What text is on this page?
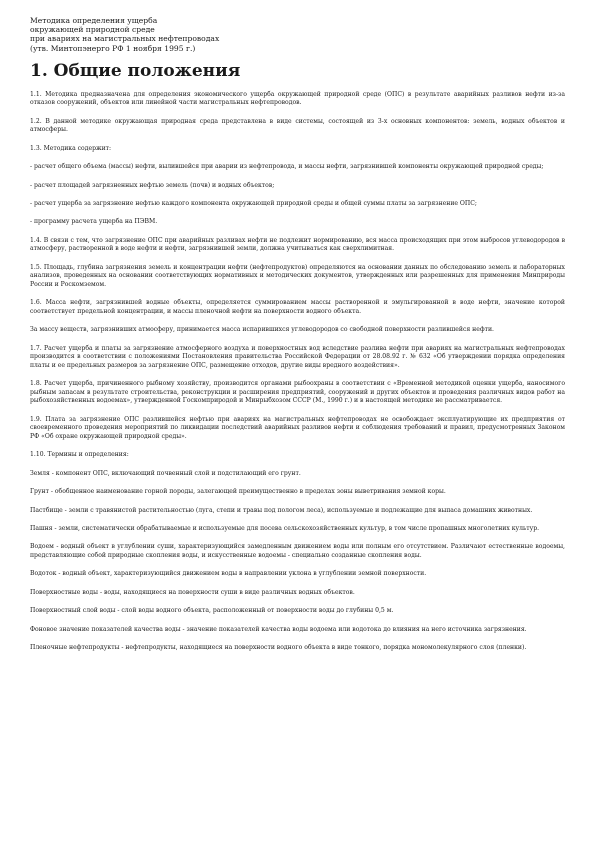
Методика определения ущерба
окружающей природной среде
при авариях на магистральных нефтепроводах
(утв. Минтопэнерго РФ 1 ноября 1995 г.)
1. Общие положения

1.1. Методика предназначена для определения экономического ущерба окружающей природной среде (ОПС) в результате аварийных разливов нефти из-за отказов сооружений, объектов или линейной части магистральных нефтепроводов.

1.2. В данной методике окружающая природная среда представлена в виде системы, состоящей из 3-х основных компонентов: земель, водных объектов и атмосферы.

1.3. Методика содержит:

- расчет общего объема (массы) нефти, вылившейся при аварии из нефтепровода, и массы нефти, загрязнившей компоненты окружающей природной среды;

- расчет площадей загрязненных нефтью земель (почв) и водных объектов;

- расчет ущерба за загрязнение нефтью каждого компонента окружающей природной среды и общей суммы платы за загрязнение ОПС;

- программу расчета ущерба на ПЭВМ.

1.4. В связи с тем, что загрязнение ОПС при аварийных разливах нефти не подлежит нормированию, вся масса происходящих при этом выбросов углеводородов в атмосферу, растворенной в воде нефти и нефти, загрязнившей земли, должна учитываться как сверхлимитная.

1.5. Площадь, глубина загрязнения земель и концентрации нефти (нефтепродуктов) определяются на основании данных по обследованию земель и лабораторных анализов, проведенных на основании соответствующих нормативных и методических документов, утвержденных или разрешенных для применения Минприроды России и Роскомземом.

1.6. Масса нефти, загрязнившей водные объекты, определяется суммированием массы растворенной и эмульгированной в воде нефти, значение которой соответствует предельной концентрации, и массы пленочной нефти на поверхности водного объекта.

За массу веществ, загрязнивших атмосферу, принимается масса испарившихся углеводородов со свободной поверхности разлившейся нефти.

1.7. Расчет ущерба и платы за загрязнение атмосферного воздуха и поверхностных вод вследствие разлива нефти при авариях на магистральных нефтепроводах производится в соответствии с положениями Постановления правительства Российской Федерации от 28.08.92 г. № 632 «Об утверждении порядка определения платы и ее предельных размеров за загрязнение ОПС, размещение отходов, другие виды вредного воздействия».

1.8. Расчет ущерба, причиненного рыбному хозяйству, производится органами рыбоохраны в соответствии с «Временной методикой оценки ущерба, наносимого рыбным запасам в результате строительства, реконструкции и расширения предприятий, сооружений и других объектов и проведения различных видов работ на рыбохозяйственных водоемах», утвержденной Госкомприродой и Минрыбхозом СССР (М., 1990 г.) и в настоящей методике не рассматривается.

1.9. Плата за загрязнение ОПС разлившейся нефтью при авариях на магистральных нефтепроводах не освобождает эксплуатирующие их предприятия от своевременного проведения мероприятий по ликвидации последствий аварийных разливов нефти и соблюдения требований и правил, предусмотренных Законом РФ «Об охране окружающей природной среды».

1.10. Термины и определения:

Земля - компонент ОПС, включающий почвенный слой и подстилающий его грунт.

Грунт - обобщенное наименование горной породы, залегающей преимущественно в пределах зоны выветривания земной коры.

Пастбище - земли с травянистой растительностью (луга, степи и травы под пологом леса), используемые и подлежащие для выпаса домашних животных.

Пашня - земли, систематически обрабатываемые и используемые для посева сельскохозяйственных культур, в том числе пропашных многолетних культур.

Водоем - водный объект в углублении суши, характеризующийся замедленным движением воды или полным его отсутствием. Различают естественные водоемы, представляющие собой природные скопления воды, и искусственные водоемы - специально созданные скопления воды.

Водоток - водный объект, характеризующийся движением воды в направлении уклона в углублении земной поверхности.

Поверхностные воды - воды, находящиеся на поверхности суши в виде различных водных объектов.

Поверхностный слой воды - слой воды водного объекта, расположенный от поверхности воды до глубины 0,5 м.

Фоновое значение показателей качества воды - значение показателей качества воды водоема или водотока до влияния на него источника загрязнения.

Пленочные нефтепродукты - нефтепродукты, находящиеся на поверхности водного объекта в виде тонкого, порядка мономолекулярного слоя (пленки).
